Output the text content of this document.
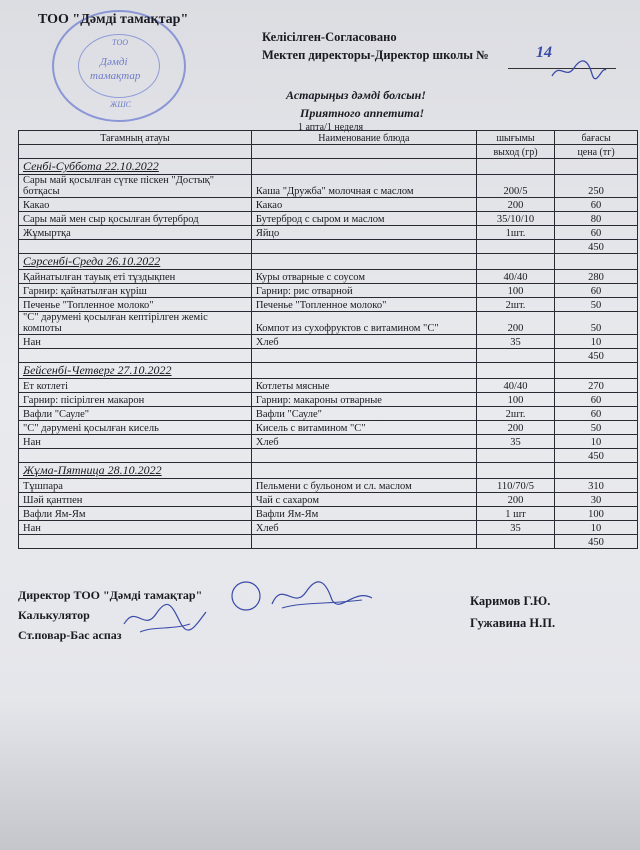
ТОО
Дәмді
тамақтар
ЖШС
ТОО "Дәмді тамақтар"
Келісілген-Согласовано
Мектеп директоры-Директор школы №	14
Астарыңыз дәмді болсын!
Приятного аппетита!
1 апта/1 неделя
Тағамның атауы	Наименование блюда	шығымы	бағасы
		выход (гр)	цена (тг)
Сенбі-Суббота 22.10.2022			
Сары май қосылған сүтке піскен "Достық" ботқасы	Каша "Дружба" молочная с маслом	200/5	250
Какао	Какао	200	60
Сары май мен сыр қосылған бутерброд	Бутерброд с сыром и маслом	35/10/10	80
Жұмыртқа	Яйцо	1шт.	60
			450
Сәрсенбі-Среда 26.10.2022			
Қайнатылған тауық еті тұздықпен	Куры отварные с соусом	40/40	280
Гарнир: қайнатылған күріш	Гарнир: рис отварной	100	60
Печенье "Топленное молоко"	Печенье "Топленное молоко"	2шт.	50
"С" дәрумені қосылған кептірілген жеміс компоты	Компот из сухофруктов с витамином "С"	200	50
Нан	Хлеб	35	10
			450
Бейсенбі-Четверг 27.10.2022			
Ет котлеті	Котлеты мясные	40/40	270
Гарнир: пісірілген макарон	Гарнир: макароны отварные	100	60
Вафли "Сауле"	Вафли "Сауле"	2шт.	60
"С" дәрумені қосылған кисель	Кисель с витамином "С"	200	50
Нан	Хлеб	35	10
			450
Жұма-Пятница 28.10.2022			
Тұшпара	Пельмени с бульоном и сл. маслом	110/70/5	310
Шәй қантпен	Чай с сахаром	200	30
Вафли Ям-Ям	Вафли Ям-Ям	1 шт	100
Нан	Хлеб	35	10
			450
Директор ТОО "Дәмді тамақтар"	Каримов Г.Ю.
Калькулятор
Ст.повар-Бас аспаз
Гужавина Н.П.
